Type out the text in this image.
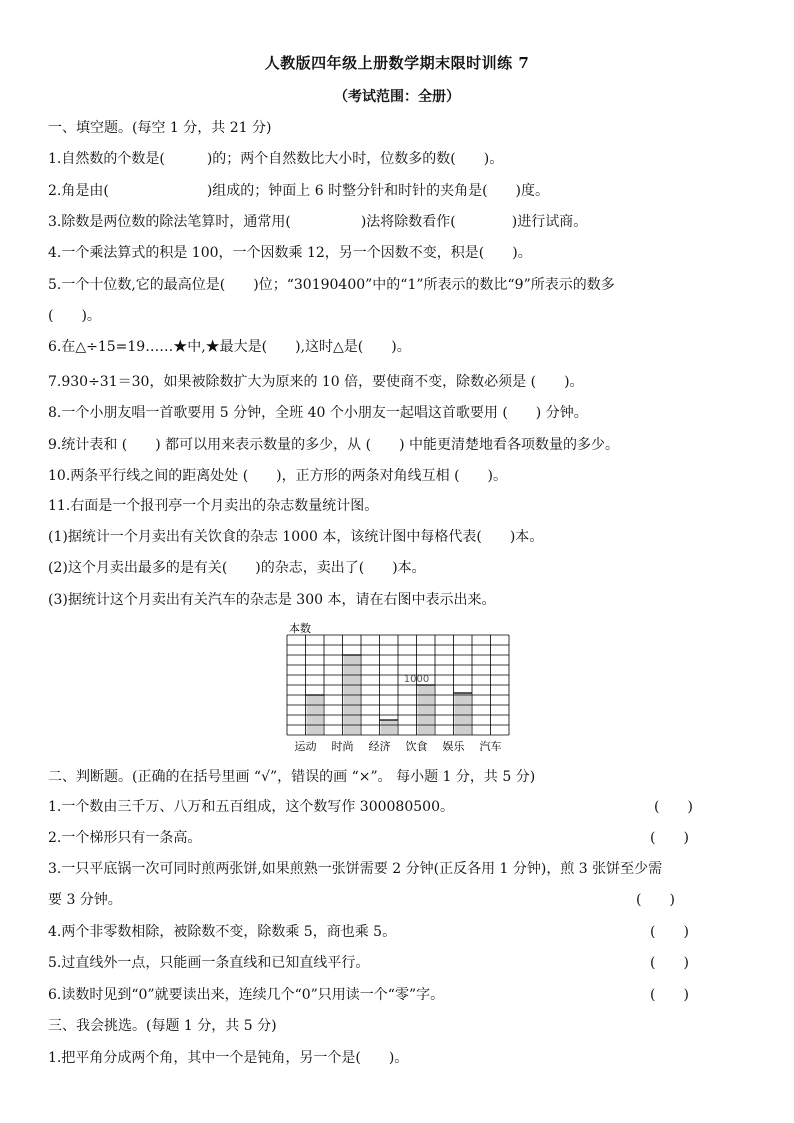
人教版四年级上册数学期末限时训练 7
（考试范围：全册）
一、填空题。(每空 1 分，共 21 分)
1.自然数的个数是(　　　)的；两个自然数比大小时，位数多的数(　　)。
2.角是由(　　　　　　　)组成的；钟面上 6 时整分针和时针的夹角是(　　)度。
3.除数是两位数的除法笔算时，通常用(　　　　　)法将除数看作(　　　　)进行试商。
4.一个乘法算式的积是 100，一个因数乘 12，另一个因数不变，积是(　　)。
5.一个十位数,它的最高位是(　　)位；“30190400”中的“1”所表示的数比“9”所表示的数多
(　　)。
6.在△÷15=19……★中,★最大是(　　),这时△是(　　)。
7.930÷31＝30，如果被除数扩大为原来的 10 倍，要使商不变，除数必须是 (　　)。
8.一个小朋友唱一首歌要用 5 分钟，全班 40 个小朋友一起唱这首歌要用 (　　) 分钟。
9.统计表和 (　　) 都可以用来表示数量的多少，从 (　　) 中能更清楚地看各项数量的多少。
10.两条平行线之间的距离处处 (　　)，正方形的两条对角线互相 (　　)。
11.右面是一个报刊亭一个月卖出的杂志数量统计图。
(1)据统计一个月卖出有关饮食的杂志 1000 本，该统计图中每格代表(　　)本。
(2)这个月卖出最多的是有关(　　)的杂志，卖出了(　　)本。
(3)据统计这个月卖出有关汽车的杂志是 300 本，请在右图中表示出来。
本数
运动 时尚 经济 饮食 娱乐 汽车
1000
二、判断题。(正确的在括号里画 “√”，错误的画 “×”。 每小题 1 分，共 5 分)
1.一个数由三千万、八万和五百组成，这个数写作 300080500。	(　　)
2.一个梯形只有一条高。	(　　)
3.一只平底锅一次可同时煎两张饼,如果煎熟一张饼需要 2 分钟(正反各用 1 分钟)，煎 3 张饼至少需
要 3 分钟。	(　　)
4.两个非零数相除，被除数不变，除数乘 5，商也乘 5。	(　　)
5.过直线外一点，只能画一条直线和已知直线平行。	(　　)
6.读数时见到“0”就要读出来，连续几个“0”只用读一个“零”字。	(　　)
三、我会挑选。(每题 1 分，共 5 分)
1.把平角分成两个角，其中一个是钝角，另一个是(　　)。
